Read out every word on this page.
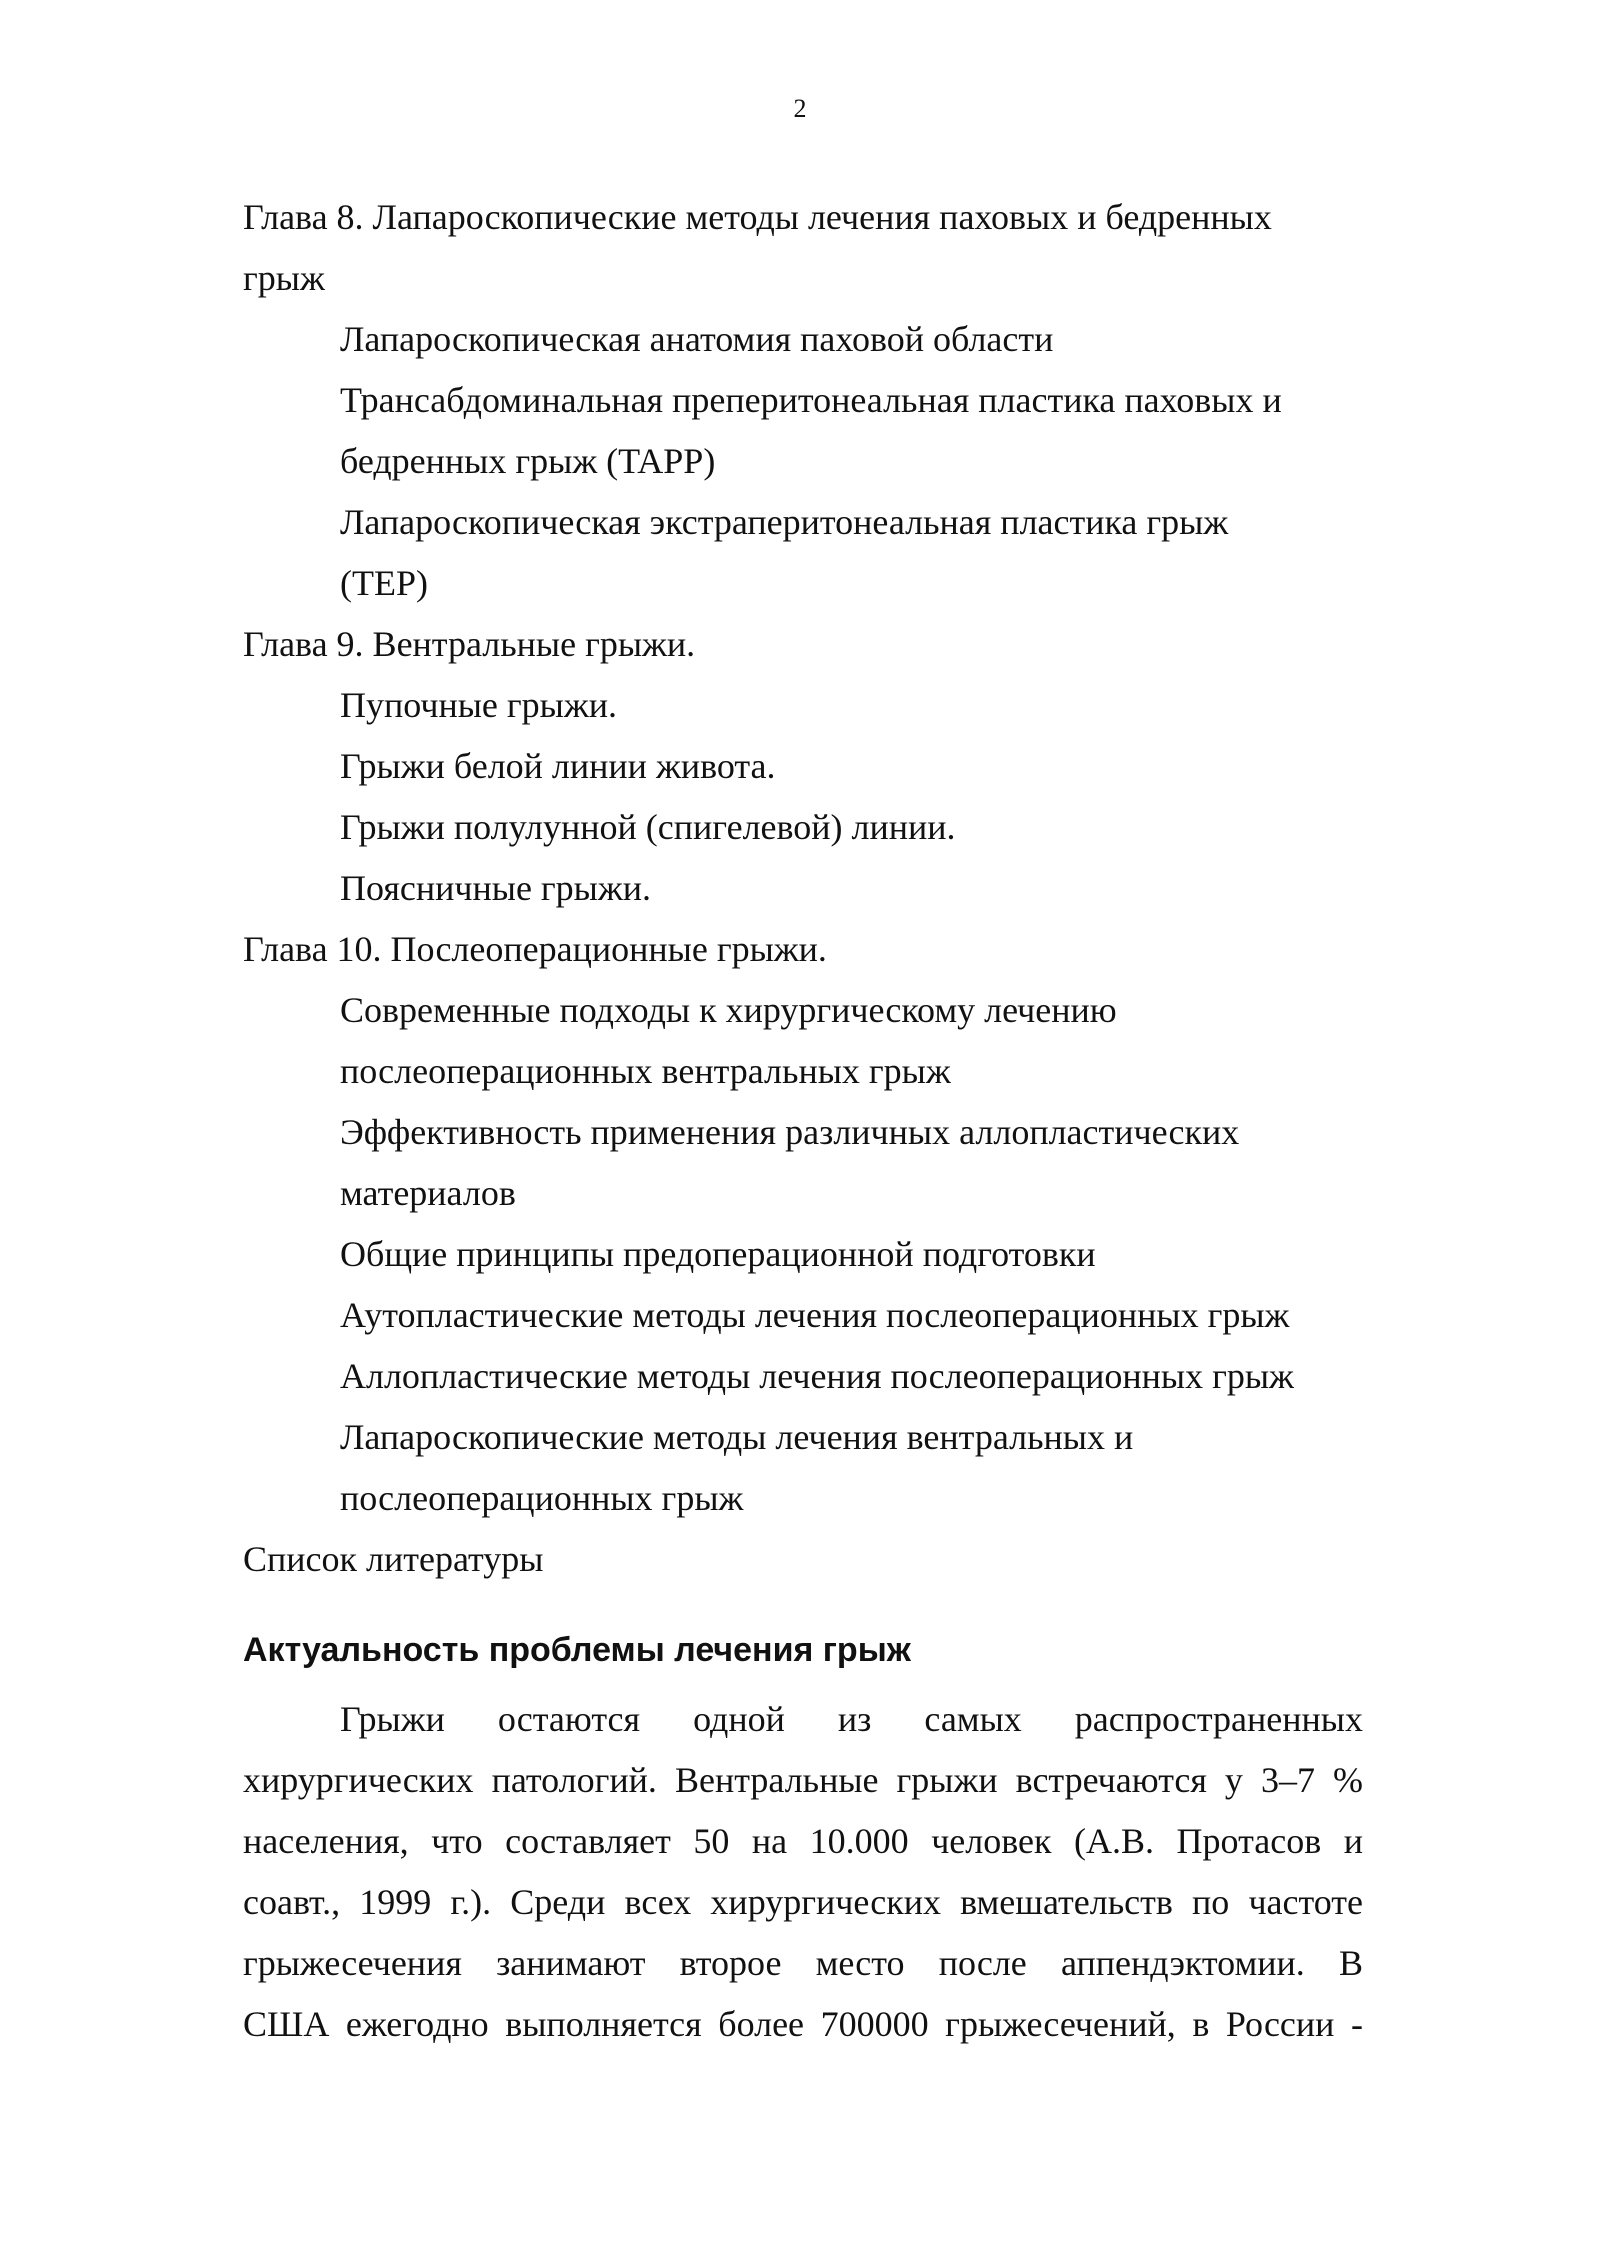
2

Глава 8. Лапароскопические методы лечения паховых и бедренных

грыж

Лапароскопическая анатомия паховой области

Трансабдоминальная преперитонеальная пластика паховых и

бедренных грыж (TAPP)

Лапароскопическая экстраперитонеальная пластика грыж

(TEP)

Глава 9. Вентральные грыжи.

Пупочные грыжи.

Грыжи белой линии живота.

Грыжи полулунной (спигелевой) линии.

Поясничные грыжи.

Глава 10. Послеоперационные грыжи.

Современные подходы к хирургическому лечению

послеоперационных вентральных грыж

Эффективность применения различных аллопластических

материалов

Общие принципы предоперационной подготовки

Аутопластические методы лечения послеоперационных грыж

Аллопластические методы лечения послеоперационных грыж

Лапароскопические методы лечения вентральных и

послеоперационных грыж

Список литературы

Актуальность проблемы лечения грыж

Грыжи остаются одной из самых распространенных

хирургических патологий. Вентральные грыжи встречаются у 3–7 %

населения, что составляет 50 на 10.000 человек (А.В. Протасов и

соавт., 1999 г.). Среди всех хирургических вмешательств по частоте

грыжесечения занимают второе место после аппендэктомии. В

США ежегодно выполняется более 700000 грыжесечений, в России -
